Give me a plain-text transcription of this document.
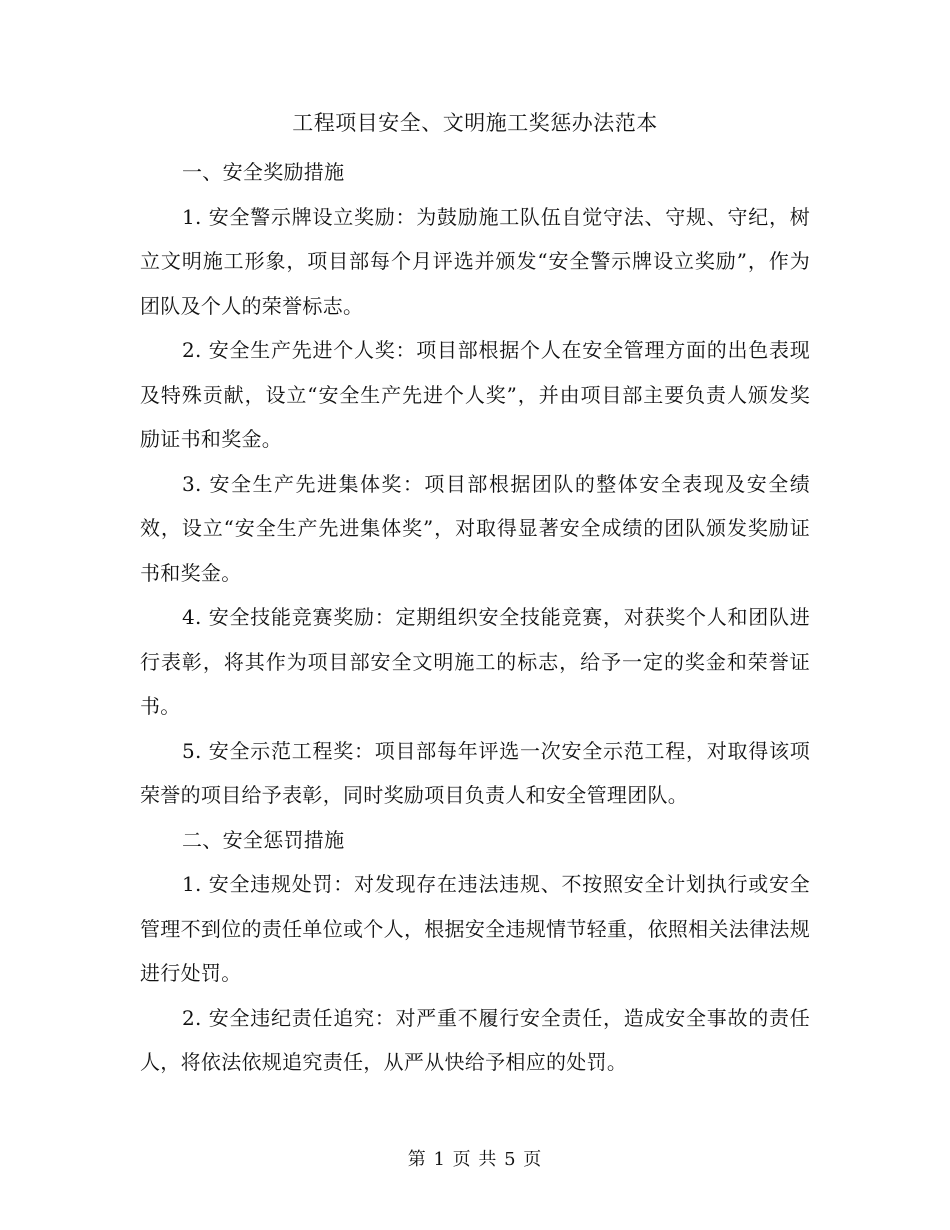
工程项目安全、文明施工奖惩办法范本

一、安全奖励措施

1. 安全警示牌设立奖励：为鼓励施工队伍自觉守法、守规、守纪，树立文明施工形象，项目部每个月评选并颁发“安全警示牌设立奖励”，作为团队及个人的荣誉标志。

2. 安全生产先进个人奖：项目部根据个人在安全管理方面的出色表现及特殊贡献，设立“安全生产先进个人奖”，并由项目部主要负责人颁发奖励证书和奖金。

3. 安全生产先进集体奖：项目部根据团队的整体安全表现及安全绩效，设立“安全生产先进集体奖”，对取得显著安全成绩的团队颁发奖励证书和奖金。

4. 安全技能竞赛奖励：定期组织安全技能竞赛，对获奖个人和团队进行表彰，将其作为项目部安全文明施工的标志，给予一定的奖金和荣誉证书。

5. 安全示范工程奖：项目部每年评选一次安全示范工程，对取得该项荣誉的项目给予表彰，同时奖励项目负责人和安全管理团队。

二、安全惩罚措施

1. 安全违规处罚：对发现存在违法违规、不按照安全计划执行或安全管理不到位的责任单位或个人，根据安全违规情节轻重，依照相关法律法规进行处罚。

2. 安全违纪责任追究：对严重不履行安全责任，造成安全事故的责任人，将依法依规追究责任，从严从快给予相应的处罚。

第 1 页 共 5 页
